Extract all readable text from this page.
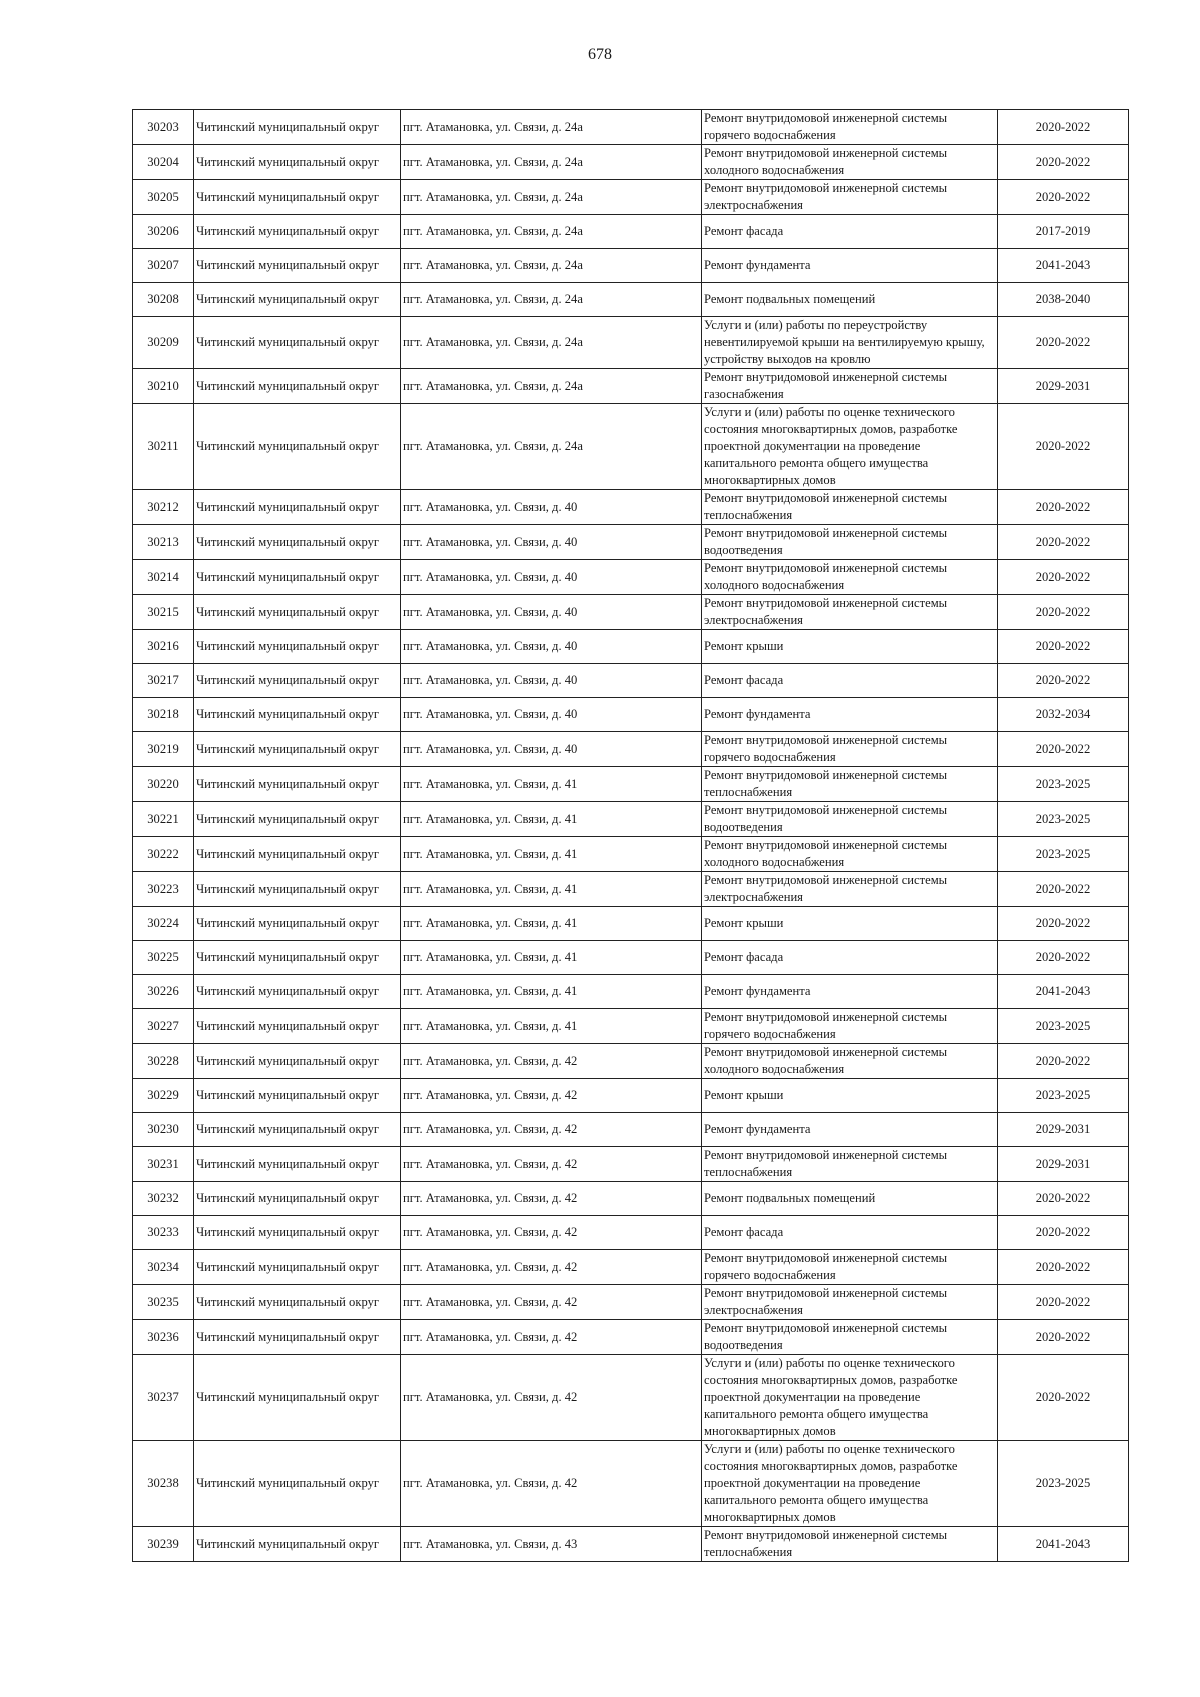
678
30203	Читинский муниципальный округ	пгт. Атамановка, ул. Связи, д. 24а	Ремонт внутридомовой инженерной системы горячего водоснабжения	2020-2022
30204	Читинский муниципальный округ	пгт. Атамановка, ул. Связи, д. 24а	Ремонт внутридомовой инженерной системы холодного водоснабжения	2020-2022
30205	Читинский муниципальный округ	пгт. Атамановка, ул. Связи, д. 24а	Ремонт внутридомовой инженерной системы электроснабжения	2020-2022
30206	Читинский муниципальный округ	пгт. Атамановка, ул. Связи, д. 24а	Ремонт фасада	2017-2019
30207	Читинский муниципальный округ	пгт. Атамановка, ул. Связи, д. 24а	Ремонт фундамента	2041-2043
30208	Читинский муниципальный округ	пгт. Атамановка, ул. Связи, д. 24а	Ремонт подвальных помещений	2038-2040
30209	Читинский муниципальный округ	пгт. Атамановка, ул. Связи, д. 24а	Услуги и (или) работы по переустройству невентилируемой крыши на вентилируемую крышу, устройству выходов на кровлю	2020-2022
30210	Читинский муниципальный округ	пгт. Атамановка, ул. Связи, д. 24а	Ремонт внутридомовой инженерной системы газоснабжения	2029-2031
30211	Читинский муниципальный округ	пгт. Атамановка, ул. Связи, д. 24а	Услуги и (или) работы по оценке технического состояния многоквартирных домов, разработке проектной документации на проведение капитального ремонта общего имущества многоквартирных домов	2020-2022
30212	Читинский муниципальный округ	пгт. Атамановка, ул. Связи, д. 40	Ремонт внутридомовой инженерной системы теплоснабжения	2020-2022
30213	Читинский муниципальный округ	пгт. Атамановка, ул. Связи, д. 40	Ремонт внутридомовой инженерной системы водоотведения	2020-2022
30214	Читинский муниципальный округ	пгт. Атамановка, ул. Связи, д. 40	Ремонт внутридомовой инженерной системы холодного водоснабжения	2020-2022
30215	Читинский муниципальный округ	пгт. Атамановка, ул. Связи, д. 40	Ремонт внутридомовой инженерной системы электроснабжения	2020-2022
30216	Читинский муниципальный округ	пгт. Атамановка, ул. Связи, д. 40	Ремонт крыши	2020-2022
30217	Читинский муниципальный округ	пгт. Атамановка, ул. Связи, д. 40	Ремонт фасада	2020-2022
30218	Читинский муниципальный округ	пгт. Атамановка, ул. Связи, д. 40	Ремонт фундамента	2032-2034
30219	Читинский муниципальный округ	пгт. Атамановка, ул. Связи, д. 40	Ремонт внутридомовой инженерной системы горячего водоснабжения	2020-2022
30220	Читинский муниципальный округ	пгт. Атамановка, ул. Связи, д. 41	Ремонт внутридомовой инженерной системы теплоснабжения	2023-2025
30221	Читинский муниципальный округ	пгт. Атамановка, ул. Связи, д. 41	Ремонт внутридомовой инженерной системы водоотведения	2023-2025
30222	Читинский муниципальный округ	пгт. Атамановка, ул. Связи, д. 41	Ремонт внутридомовой инженерной системы холодного водоснабжения	2023-2025
30223	Читинский муниципальный округ	пгт. Атамановка, ул. Связи, д. 41	Ремонт внутридомовой инженерной системы электроснабжения	2020-2022
30224	Читинский муниципальный округ	пгт. Атамановка, ул. Связи, д. 41	Ремонт крыши	2020-2022
30225	Читинский муниципальный округ	пгт. Атамановка, ул. Связи, д. 41	Ремонт фасада	2020-2022
30226	Читинский муниципальный округ	пгт. Атамановка, ул. Связи, д. 41	Ремонт фундамента	2041-2043
30227	Читинский муниципальный округ	пгт. Атамановка, ул. Связи, д. 41	Ремонт внутридомовой инженерной системы горячего водоснабжения	2023-2025
30228	Читинский муниципальный округ	пгт. Атамановка, ул. Связи, д. 42	Ремонт внутридомовой инженерной системы холодного водоснабжения	2020-2022
30229	Читинский муниципальный округ	пгт. Атамановка, ул. Связи, д. 42	Ремонт крыши	2023-2025
30230	Читинский муниципальный округ	пгт. Атамановка, ул. Связи, д. 42	Ремонт фундамента	2029-2031
30231	Читинский муниципальный округ	пгт. Атамановка, ул. Связи, д. 42	Ремонт внутридомовой инженерной системы теплоснабжения	2029-2031
30232	Читинский муниципальный округ	пгт. Атамановка, ул. Связи, д. 42	Ремонт подвальных помещений	2020-2022
30233	Читинский муниципальный округ	пгт. Атамановка, ул. Связи, д. 42	Ремонт фасада	2020-2022
30234	Читинский муниципальный округ	пгт. Атамановка, ул. Связи, д. 42	Ремонт внутридомовой инженерной системы горячего водоснабжения	2020-2022
30235	Читинский муниципальный округ	пгт. Атамановка, ул. Связи, д. 42	Ремонт внутридомовой инженерной системы электроснабжения	2020-2022
30236	Читинский муниципальный округ	пгт. Атамановка, ул. Связи, д. 42	Ремонт внутридомовой инженерной системы водоотведения	2020-2022
30237	Читинский муниципальный округ	пгт. Атамановка, ул. Связи, д. 42	Услуги и (или) работы по оценке технического состояния многоквартирных домов, разработке проектной документации на проведение капитального ремонта общего имущества многоквартирных домов	2020-2022
30238	Читинский муниципальный округ	пгт. Атамановка, ул. Связи, д. 42	Услуги и (или) работы по оценке технического состояния многоквартирных домов, разработке проектной документации на проведение капитального ремонта общего имущества многоквартирных домов	2023-2025
30239	Читинский муниципальный округ	пгт. Атамановка, ул. Связи, д. 43	Ремонт внутридомовой инженерной системы теплоснабжения	2041-2043
